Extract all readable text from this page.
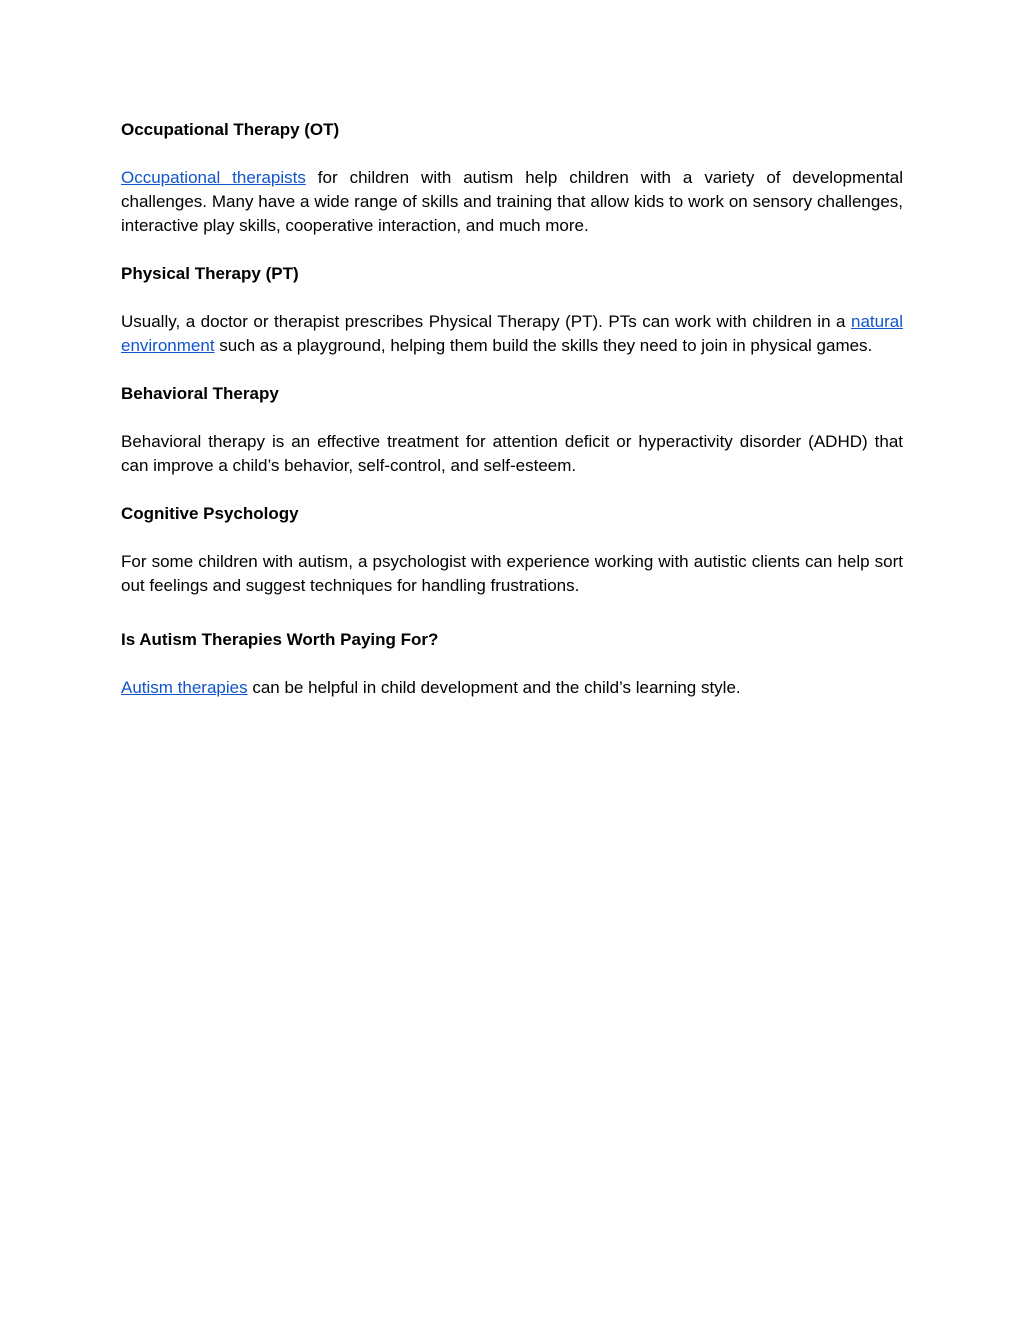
Occupational Therapy (OT)

Occupational therapists for children with autism help children with a variety of developmental challenges. Many have a wide range of skills and training that allow kids to work on sensory challenges, interactive play skills, cooperative interaction, and much more.

Physical Therapy (PT)

Usually, a doctor or therapist prescribes Physical Therapy (PT). PTs can work with children in a natural environment such as a playground, helping them build the skills they need to join in physical games.

Behavioral Therapy

Behavioral therapy is an effective treatment for attention deficit or hyperactivity disorder (ADHD) that can improve a child’s behavior, self-control, and self-esteem.

Cognitive Psychology

For some children with autism, a psychologist with experience working with autistic clients can help sort out feelings and suggest techniques for handling frustrations.

Is Autism Therapies Worth Paying For?

Autism therapies can be helpful in child development and the child’s learning style.
